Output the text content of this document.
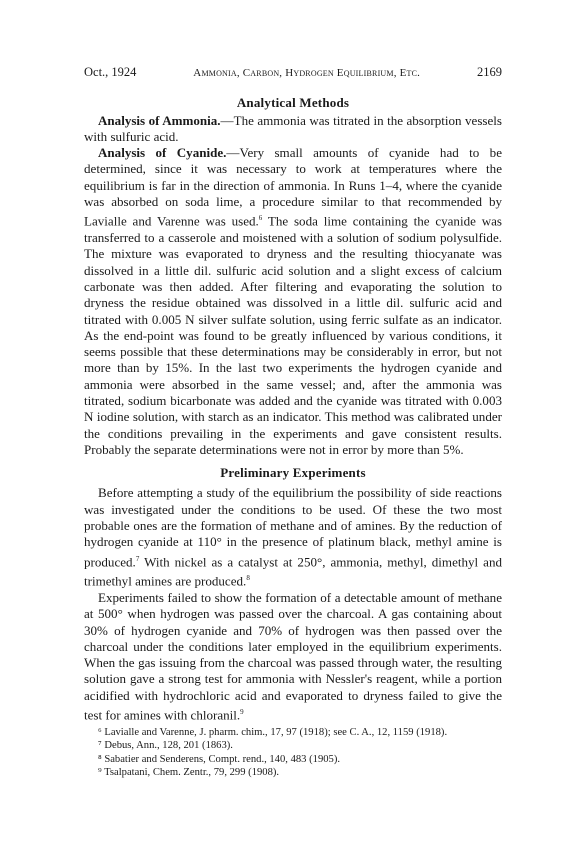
Oct., 1924	Ammonia, Carbon, Hydrogen Equilibrium, Etc.	2169
Analytical Methods

Analysis of Ammonia.—The ammonia was titrated in the absorption vessels with sulfuric acid.

Analysis of Cyanide.—Very small amounts of cyanide had to be determined, since it was necessary to work at temperatures where the equilibrium is far in the direction of ammonia. In Runs 1–4, where the cyanide was absorbed on soda lime, a procedure similar to that recommended by Lavialle and Varenne was used.$^6$ The soda lime containing the cyanide was transferred to a casserole and moistened with a solution of sodium polysulfide. The mixture was evaporated to dryness and the resulting thiocyanate was dissolved in a little dil. sulfuric acid solution and a slight excess of calcium carbonate was then added. After filtering and evaporating the solution to dryness the residue obtained was dissolved in a little dil. sulfuric acid and titrated with 0.005 N silver sulfate solution, using ferric sulfate as an indicator. As the end-point was found to be greatly influenced by various conditions, it seems possible that these determinations may be considerably in error, but not more than by 15%. In the last two experiments the hydrogen cyanide and ammonia were absorbed in the same vessel; and, after the ammonia was titrated, sodium bicarbonate was added and the cyanide was titrated with 0.003 N iodine solution, with starch as an indicator. This method was calibrated under the conditions prevailing in the experiments and gave consistent results. Probably the separate determinations were not in error by more than 5%.

Preliminary Experiments

Before attempting a study of the equilibrium the possibility of side reactions was investigated under the conditions to be used. Of these the two most probable ones are the formation of methane and of amines. By the reduction of hydrogen cyanide at 110° in the presence of platinum black, methyl amine is produced.$^7$ With nickel as a catalyst at 250°, ammonia, methyl, dimethyl and trimethyl amines are produced.$^8$

Experiments failed to show the formation of a detectable amount of methane at 500° when hydrogen was passed over the charcoal. A gas containing about 30% of hydrogen cyanide and 70% of hydrogen was then passed over the charcoal under the conditions later employed in the equilibrium experiments. When the gas issuing from the charcoal was passed through water, the resulting solution gave a strong test for ammonia with Nessler's reagent, while a portion acidified with hydrochloric acid and evaporated to dryness failed to give the test for amines with chloranil.$^9$

⁶ Lavialle and Varenne, J. pharm. chim., 17, 97 (1918); see C. A., 12, 1159 (1918).
⁷ Debus, Ann., 128, 201 (1863).
⁸ Sabatier and Senderens, Compt. rend., 140, 483 (1905).
⁹ Tsalpatani, Chem. Zentr., 79, 299 (1908).
